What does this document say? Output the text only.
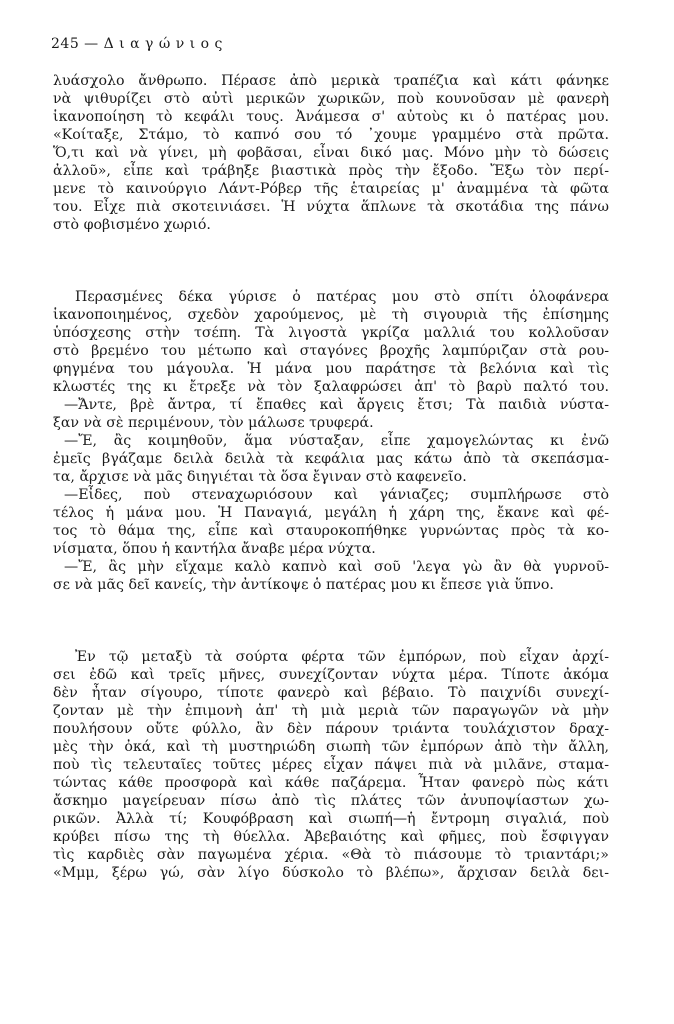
245 — Δ ι α γ ώ ν ι ο ς
λυάσχολο ἄνθρωπο. Πέρασε ἀπὸ μερικὰ τραπέζια καὶ κάτι φάνηκε
νὰ ψιθυρίζει στὸ αὐτὶ μερικῶν χωρικῶν, ποὺ κουνοῦσαν μὲ φανερὴ
ἱκανοποίηση τὸ κεφάλι τους. Ἀνάμεσα σ' αὐτοὺς κι ὁ πατέρας μου.
«Κοίταξε, Στάμο, τὸ καπνό σου τό ᾽χουμε γραμμένο στὰ πρῶτα.
Ὅ,τι καὶ νὰ γίνει, μὴ φοβᾶσαι, εἶναι δικό μας. Μόνο μὴν τὸ δώσεις
ἀλλοῦ», εἶπε καὶ τράβηξε βιαστικὰ πρὸς τὴν ἔξοδο. Ἔξω τὸν περί-
μενε τὸ καινούργιο Λάντ-Ρόβερ τῆς ἑταιρείας μ' ἀναμμένα τὰ φῶτα
του. Εἶχε πιὰ σκοτεινιάσει. Ἡ νύχτα ἅπλωνε τὰ σκοτάδια της πάνω
στὸ φοβισμένο χωριό.
Περασμένες δέκα γύρισε ὁ πατέρας μου στὸ σπίτι ὁλοφάνερα
ἱκανοποιημένος, σχεδὸν χαρούμενος, μὲ τὴ σιγουριὰ τῆς ἐπίσημης
ὑπόσχεσης στὴν τσέπη. Τὰ λιγοστὰ γκρίζα μαλλιά του κολλοῦσαν
στὸ βρεμένο του μέτωπο καὶ σταγόνες βροχῆς λαμπύριζαν στὰ ρου-
φηγμένα του μάγουλα. Ἡ μάνα μου παράτησε τὰ βελόνια καὶ τὶς
κλωστές της κι ἔτρεξε νὰ τὸν ξαλαφρώσει ἀπ' τὸ βαρὺ παλτό του.
—Ἄντε, βρὲ ἄντρα, τί ἔπαθες καὶ ἄργεις ἔτσι; Τὰ παιδιὰ νύστα-
ξαν νὰ σὲ περιμένουν, τὸν μάλωσε τρυφερά.
—Ἔ, ἂς κοιμηθοῦν, ἅμα νύσταξαν, εἶπε χαμογελώντας κι ἐνῶ
ἐμεῖς βγάζαμε δειλὰ δειλὰ τὰ κεφάλια μας κάτω ἀπὸ τὰ σκεπάσμα-
τα, ἄρχισε νὰ μᾶς διηγιέται τὰ ὅσα ἔγιναν στὸ καφενεῖο.
—Εἶδες, ποὺ στεναχωριόσουν καὶ γάνιαζες; συμπλήρωσε στὸ
τέλος ἡ μάνα μου. Ἡ Παναγιά, μεγάλη ἡ χάρη της, ἔκανε καὶ φέ-
τος τὸ θάμα της, εἶπε καὶ σταυροκοπήθηκε γυρνώντας πρὸς τὰ κο-
νίσματα, ὅπου ἡ καντήλα ἄναβε μέρα νύχτα.
—Ἔ, ἂς μὴν εἴχαμε καλὸ καπνὸ καὶ σοῦ 'λεγα γὼ ἂν θὰ γυρνοῦ-
σε νὰ μᾶς δεῖ κανείς, τὴν ἀντίκοψε ὁ πατέρας μου κι ἔπεσε γιὰ ὕπνο.
Ἐν τῷ μεταξὺ τὰ σούρτα φέρτα τῶν ἐμπόρων, ποὺ εἶχαν ἀρχί-
σει ἐδῶ καὶ τρεῖς μῆνες, συνεχίζονταν νύχτα μέρα. Τίποτε ἀκόμα
δὲν ἦταν σίγουρο, τίποτε φανερὸ καὶ βέβαιο. Τὸ παιχνίδι συνεχί-
ζονταν μὲ τὴν ἐπιμονὴ ἀπ' τὴ μιὰ μεριὰ τῶν παραγωγῶν νὰ μὴν
πουλήσουν οὔτε φύλλο, ἂν δὲν πάρουν τριάντα τουλάχιστον δραχ-
μὲς τὴν ὀκά, καὶ τὴ μυστηριώδη σιωπὴ τῶν ἐμπόρων ἀπὸ τὴν ἄλλη,
ποὺ τὶς τελευταῖες τοῦτες μέρες εἶχαν πάψει πιὰ νὰ μιλᾶνε, σταμα-
τώντας κάθε προσφορὰ καὶ κάθε παζάρεμα. Ἦταν φανερὸ πὼς κάτι
ἄσκημο μαγείρευαν πίσω ἀπὸ τὶς πλάτες τῶν ἀνυποψίαστων χω-
ρικῶν. Ἀλλὰ τί; Κουφόβραση καὶ σιωπή—ἡ ἔντρομη σιγαλιά, ποὺ
κρύβει πίσω της τὴ θύελλα. Ἀβεβαιότης καὶ φῆμες, ποὺ ἔσφιγγαν
τὶς καρδιὲς σὰν παγωμένα χέρια. «Θὰ τὸ πιάσουμε τὸ τριαντάρι;»
«Μμμ, ξέρω γώ, σὰν λίγο δύσκολο τὸ βλέπω», ἄρχισαν δειλὰ δει-
